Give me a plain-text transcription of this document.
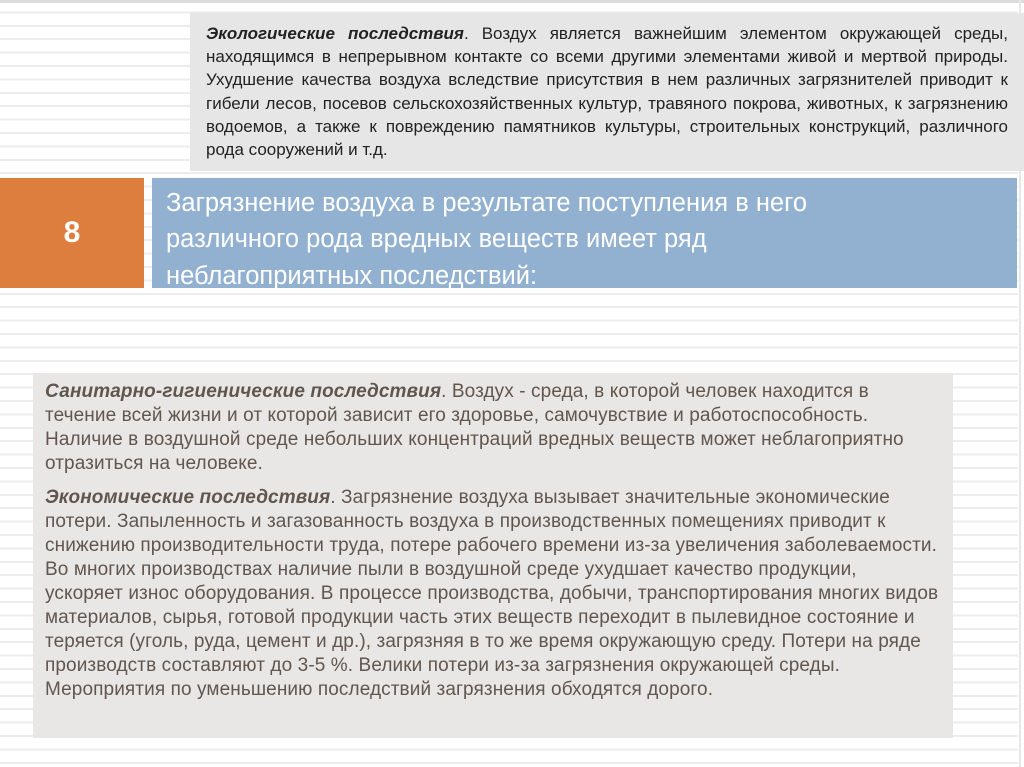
Экологические последствия. Воздух является важнейшим элементом окружающей среды, находящимся в непрерывном контакте со всеми другими элементами живой и мертвой природы. Ухудшение качества воздуха вследствие присутствия в нем различных загрязнителей приводит к гибели лесов, посевов сельскохозяйственных культур, травяного покрова, животных, к загрязнению водоемов, а также к повреждению памятников культуры, строительных конструкций, различного рода сооружений и т.д.

8
Загрязнение воздуха в результате поступления в него
различного рода вредных веществ имеет ряд
неблагоприятных последствий:

Санитарно-гигиенические последствия. Воздух - среда, в которой человек находится в течение всей жизни и от которой зависит его здоровье, самочувствие и работоспособность. Наличие в воздушной среде небольших концентраций вредных веществ может неблагоприятно отразиться на человеке.

Экономические последствия. Загрязнение воздуха вызывает значительные экономические потери. Запыленность и загазованность воздуха в производственных помещениях приводит к снижению производительности труда, потере рабочего времени из-за увеличения заболеваемости. Во многих производствах наличие пыли в воздушной среде ухудшает качество продукции, ускоряет износ оборудования. В процессе производства, добычи, транспортирования многих видов материалов, сырья, готовой продукции часть этих веществ переходит в пылевидное состояние и теряется (уголь, руда, цемент и др.), загрязняя в то же время окружающую среду. Потери на ряде производств составляют до 3-5 %. Велики потери из-за загрязнения окружающей среды. Мероприятия по уменьшению последствий загрязнения обходятся дорого.
